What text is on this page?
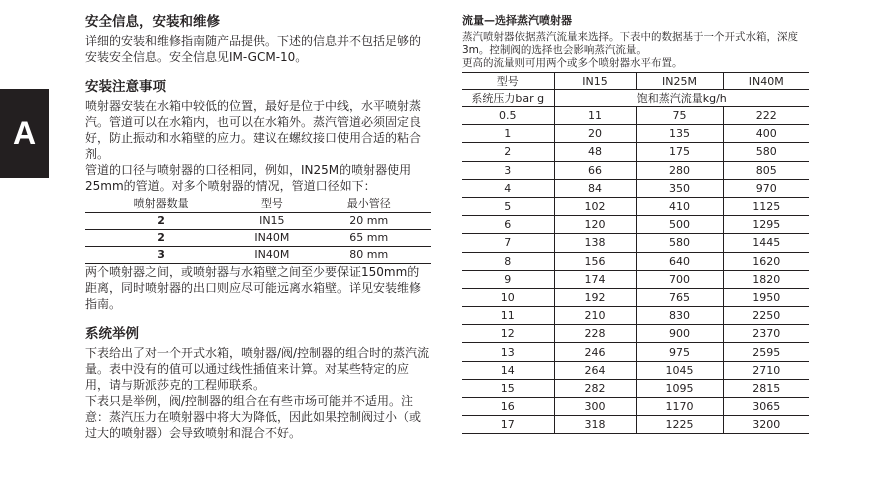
A
安全信息，安装和维修

详细的安装和维修指南随产品提供。下述的信息并不包括足够的安装安全信息。安全信息见IM-GCM-10。

安装注意事项

喷射器安装在水箱中较低的位置，最好是位于中线，水平喷射蒸汽。管道可以在水箱内，也可以在水箱外。蒸汽管道必须固定良好，防止振动和水箱壁的应力。建议在螺纹接口使用合适的粘合剂。

管道的口径与喷射器的口径相同，例如，IN25M的喷射器使用25mm的管道。对多个喷射器的情况，管道口径如下：

喷射器数量	型号	最小管径
2	IN15	20 mm
2	IN40M	65 mm
3	IN40M	80 mm

两个喷射器之间，或喷射器与水箱壁之间至少要保证150mm的距离，同时喷射器的出口则应尽可能远离水箱壁。详见安装维修指南。

系统举例

下表给出了对一个开式水箱，喷射器/阀/控制器的组合时的蒸汽流量。表中没有的值可以通过线性插值来计算。对某些特定的应用，请与斯派莎克的工程师联系。

下表只是举例，阀/控制器的组合在有些市场可能并不适用。注意：蒸汽压力在喷射器中将大为降低，因此如果控制阀过小（或过大的喷射器）会导致喷射和混合不好。

流量—选择蒸汽喷射器

蒸汽喷射器依据蒸汽流量来选择。下表中的数据基于一个开式水箱，深度3m。控制阀的选择也会影响蒸汽流量。

更高的流量则可用两个或多个喷射器水平布置。

型号	IN15	IN25M	IN40M
系统压力bar g	饱和蒸汽流量kg/h		
0.5	11	75	222
1	20	135	400
2	48	175	580
3	66	280	805
4	84	350	970
5	102	410	1125
6	120	500	1295
7	138	580	1445
8	156	640	1620
9	174	700	1820
10	192	765	1950
11	210	830	2250
12	228	900	2370
13	246	975	2595
14	264	1045	2710
15	282	1095	2815
16	300	1170	3065
17	318	1225	3200
